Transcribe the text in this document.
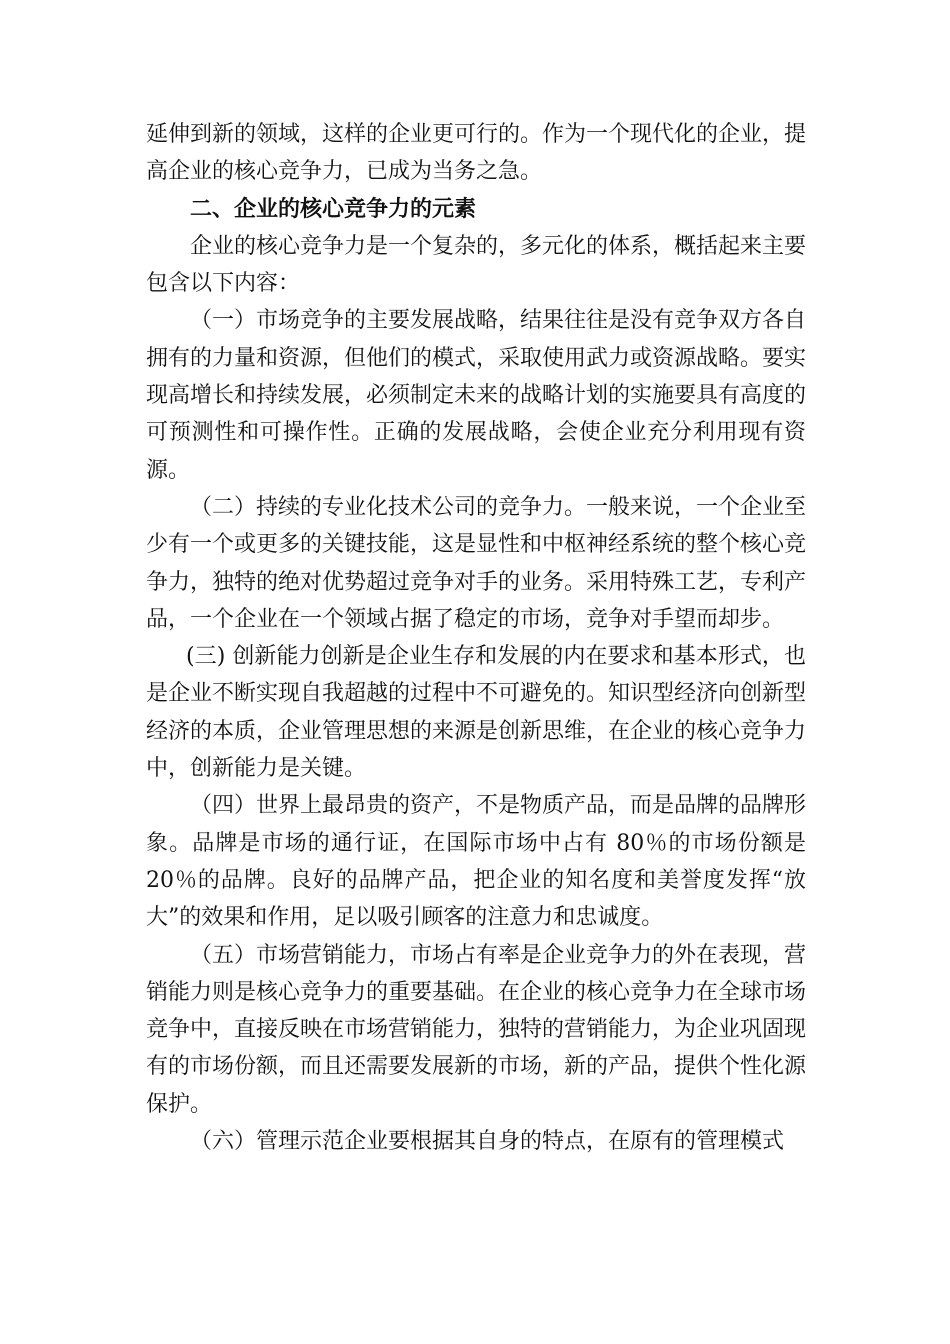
延伸到新的领域，这样的企业更可行的。作为一个现代化的企业，提高企业的核心竞争力，已成为当务之急。

二、企业的核心竞争力的元素

企业的核心竞争力是一个复杂的，多元化的体系，概括起来主要包含以下内容：

（一）市场竞争的主要发展战略，结果往往是没有竞争双方各自拥有的力量和资源，但他们的模式，采取使用武力或资源战略。要实现高增长和持续发展，必须制定未来的战略计划的实施要具有高度的可预测性和可操作性。正确的发展战略，会使企业充分利用现有资源。

（二）持续的专业化技术公司的竞争力。一般来说，一个企业至少有一个或更多的关键技能，这是显性和中枢神经系统的整个核心竞争力，独特的绝对优势超过竞争对手的业务。采用特殊工艺，专利产品，一个企业在一个领域占据了稳定的市场，竞争对手望而却步。

(三) 创新能力创新是企业生存和发展的内在要求和基本形式，也是企业不断实现自我超越的过程中不可避免的。知识型经济向创新型经济的本质，企业管理思想的来源是创新思维，在企业的核心竞争力中，创新能力是关键。

（四）世界上最昂贵的资产，不是物质产品，而是品牌的品牌形象。品牌是市场的通行证，在国际市场中占有 80％的市场份额是 20％的品牌。良好的品牌产品，把企业的知名度和美誉度发挥“放大”的效果和作用，足以吸引顾客的注意力和忠诚度。

（五）市场营销能力，市场占有率是企业竞争力的外在表现，营销能力则是核心竞争力的重要基础。在企业的核心竞争力在全球市场竞争中，直接反映在市场营销能力，独特的营销能力，为企业巩固现有的市场份额，而且还需要发展新的市场，新的产品，提供个性化源保护。

（六）管理示范企业要根据其自身的特点，在原有的管理模式
